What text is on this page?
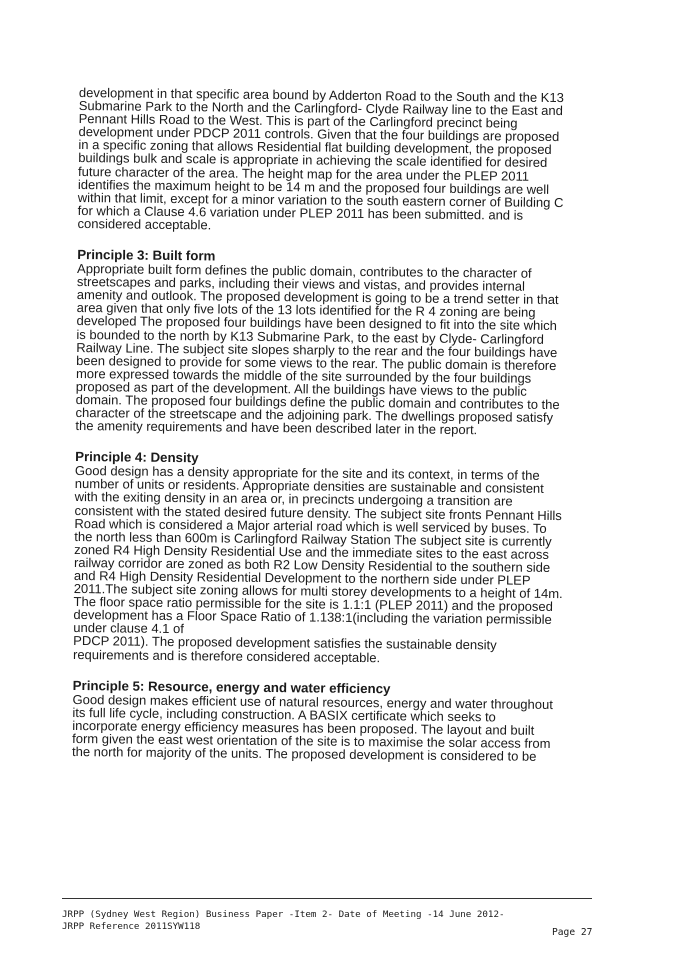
development in that specific area bound by Adderton Road to the South and the K13
Submarine Park to the North and the Carlingford- Clyde Railway line to the East and
Pennant Hills Road to the West. This is part of the Carlingford precinct being
development under PDCP 2011 controls. Given that the four buildings are proposed
in a specific zoning that allows Residential flat building development, the proposed
buildings bulk and scale is appropriate in achieving the scale identified for desired
future character of the area. The height map for the area under the PLEP 2011
identifies the maximum height to be 14 m and the proposed four buildings are well
within that limit, except for a minor variation to the south eastern corner of Building C
for which a Clause 4.6 variation under PLEP 2011 has been submitted. and is
considered acceptable.

Principle 3: Built form

Appropriate built form defines the public domain, contributes to the character of
streetscapes and parks, including their views and vistas, and provides internal
amenity and outlook. The proposed development is going to be a trend setter in that
area given that only five lots of the 13 lots identified for the R 4 zoning are being
developed The proposed four buildings have been designed to fit into the site which
is bounded to the north by K13 Submarine Park, to the east by Clyde- Carlingford
Railway Line. The subject site slopes sharply to the rear and the four buildings have
been designed to provide for some views to the rear. The public domain is therefore
more expressed towards the middle of the site surrounded by the four buildings
proposed as part of the development. All the buildings have views to the public
domain. The proposed four buildings define the public domain and contributes to the
character of the streetscape and the adjoining park. The dwellings proposed satisfy
the amenity requirements and have been described later in the report.

Principle 4: Density

Good design has a density appropriate for the site and its context, in terms of the
number of units or residents. Appropriate densities are sustainable and consistent
with the exiting density in an area or, in precincts undergoing a transition are
consistent with the stated desired future density. The subject site fronts Pennant Hills
Road which is considered a Major arterial road which is well serviced by buses. To
the north less than 600m is Carlingford Railway Station The subject site is currently
zoned R4 High Density Residential Use and the immediate sites to the east across
railway corridor are zoned as both R2 Low Density Residential to the southern side
and R4 High Density Residential Development to the northern side under PLEP
2011.The subject site zoning allows for multi storey developments to a height of 14m.
The floor space ratio permissible for the site is 1.1:1 (PLEP 2011) and the proposed
development has a Floor Space Ratio of 1.138:1(including the variation permissible
under clause 4.1 of
PDCP 2011). The proposed development satisfies the sustainable density
requirements and is therefore considered acceptable.

Principle 5: Resource, energy and water efficiency

Good design makes efficient use of natural resources, energy and water throughout
its full life cycle, including construction. A BASIX certificate which seeks to
incorporate energy efficiency measures has been proposed. The layout and built
form given the east west orientation of the site is to maximise the solar access from
the north for majority of the units. The proposed development is considered to be

JRPP (Sydney West Region) Business Paper -Item 2- Date of Meeting -14 June 2012-
JRPP Reference 2011SYW118
Page 27
